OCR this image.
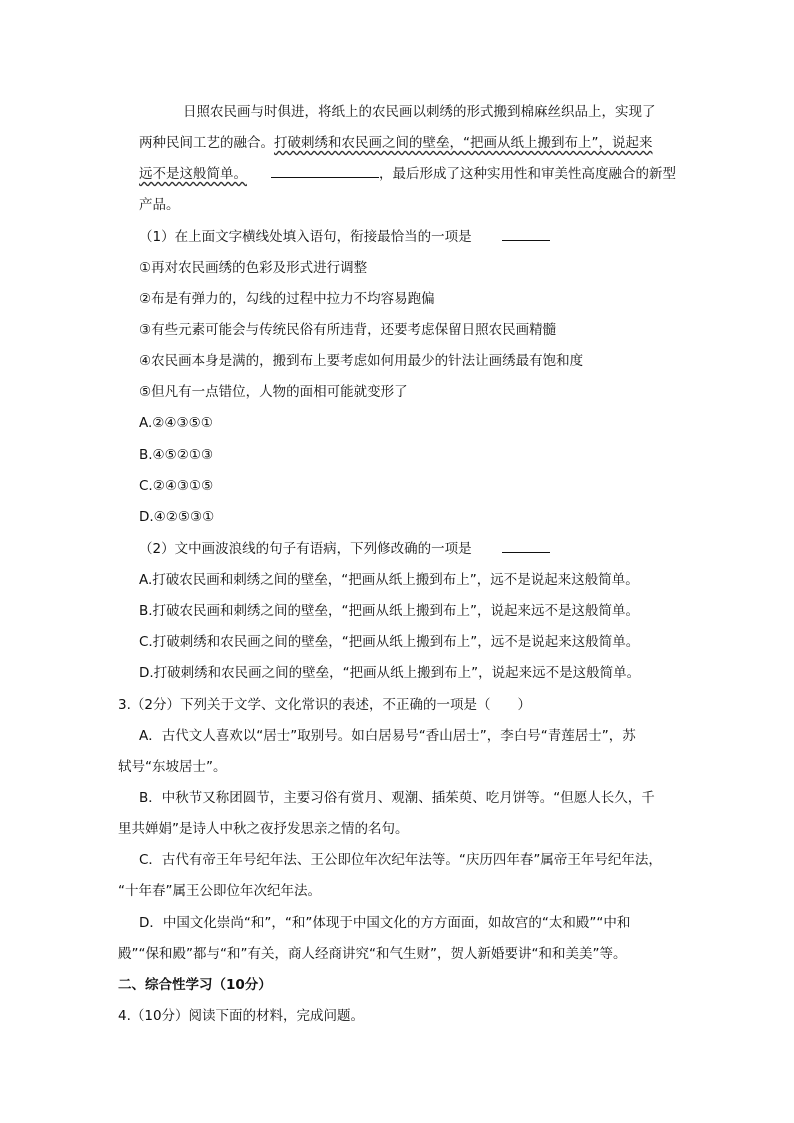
日照农民画与时俱进，将纸上的农民画以刺绣的形式搬到棉麻丝织品上，实现了
两种民间工艺的融合。打破刺绣和农民画之间的壁垒，“把画从纸上搬到布上”，说起来
远不是这般简单。	，最后形成了这种实用性和审美性高度融合的新型
产品。
（1）在上面文字横线处填入语句，衔接最恰当的一项是
①再对农民画绣的色彩及形式进行调整
②布是有弹力的，勾线的过程中拉力不均容易跑偏
③有些元素可能会与传统民俗有所违背，还要考虑保留日照农民画精髓
④农民画本身是满的，搬到布上要考虑如何用最少的针法让画绣最有饱和度
⑤但凡有一点错位，人物的面相可能就变形了
A.②④③⑤①
B.④⑤②①③
C.②④③①⑤
D.④②⑤③①
（2）文中画波浪线的句子有语病，下列修改确的一项是
A.打破农民画和刺绣之间的壁垒，“把画从纸上搬到布上”，远不是说起来这般简单。
B.打破农民画和刺绣之间的壁垒，“把画从纸上搬到布上”，说起来远不是这般简单。
C.打破刺绣和农民画之间的壁垒，“把画从纸上搬到布上”，远不是说起来这般简单。
D.打破刺绣和农民画之间的壁垒，“把画从纸上搬到布上”，说起来远不是这般简单。
3.（2分）下列关于文学、文化常识的表述，不正确的一项是（　　）
A．古代文人喜欢以“居士”取别号。如白居易号“香山居士”，李白号“青莲居士”，苏
轼号“东坡居士”。
B．中秋节又称团圆节，主要习俗有赏月、观潮、插茱萸、吃月饼等。“但愿人长久，千
里共婵娟”是诗人中秋之夜抒发思亲之情的名句。
C．古代有帝王年号纪年法、王公即位年次纪年法等。“庆历四年春”属帝王年号纪年法，
“十年春”属王公即位年次纪年法。
D．中国文化崇尚“和”，“和”体现于中国文化的方方面面，如故宫的“太和殿”“中和
殿”“保和殿”都与“和”有关，商人经商讲究“和气生财”，贺人新婚要讲“和和美美”等。
二、综合性学习（10分）
4.（10分）阅读下面的材料，完成问题。
